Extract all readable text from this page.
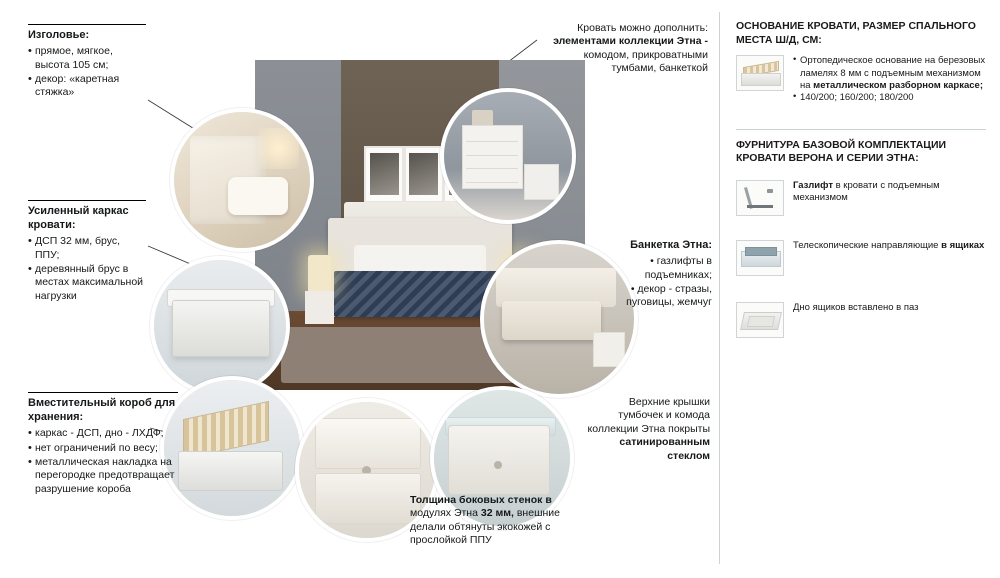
Изголовье:
• прямое, мягкое, высота 105 см;
• декор: «каретная стяжка»
Усиленный каркас кровати:
• ДСП 32 мм, брус, ППУ;
• деревянный брус в местах максимальной нагрузки
Вместительный короб для хранения:
• каркас - ДСП, дно - ЛХДФ;
• нет ограничений по весу;
• металлическая накладка на перегородке предотвращает разрушение короба
Кровать можно дополнить:
элементами коллекции Этна -
комодом, прикроватными тумбами, банкеткой
Банкетка Этна:
• газлифты в подъемниках;
• декор - стразы, пуговицы, жемчуг
Верхние крышки
тумбочек и комода
коллекции Этна покрыты
сатинированным
стеклом
Толщина боковых стенок в
модулях Этна 32 мм, внешние
делали обтянуты экокожей с
прослойкой ППУ
ОСНОВАНИЕ КРОВАТИ, РАЗМЕР СПАЛЬНОГО МЕСТА Ш/Д, СМ:
• Ортопедическое основание на березовых ламелях 8 мм с подъемным механизмом на металлическом разборном каркасе;
• 140/200; 160/200; 180/200
ФУРНИТУРА БАЗОВОЙ КОМПЛЕКТАЦИИ КРОВАТИ ВЕРОНА И СЕРИИ ЭТНА:
Газлифт в кровати с подъемным механизмом
Телескопические направляющие в ящиках
Дно ящиков вставлено в паз
